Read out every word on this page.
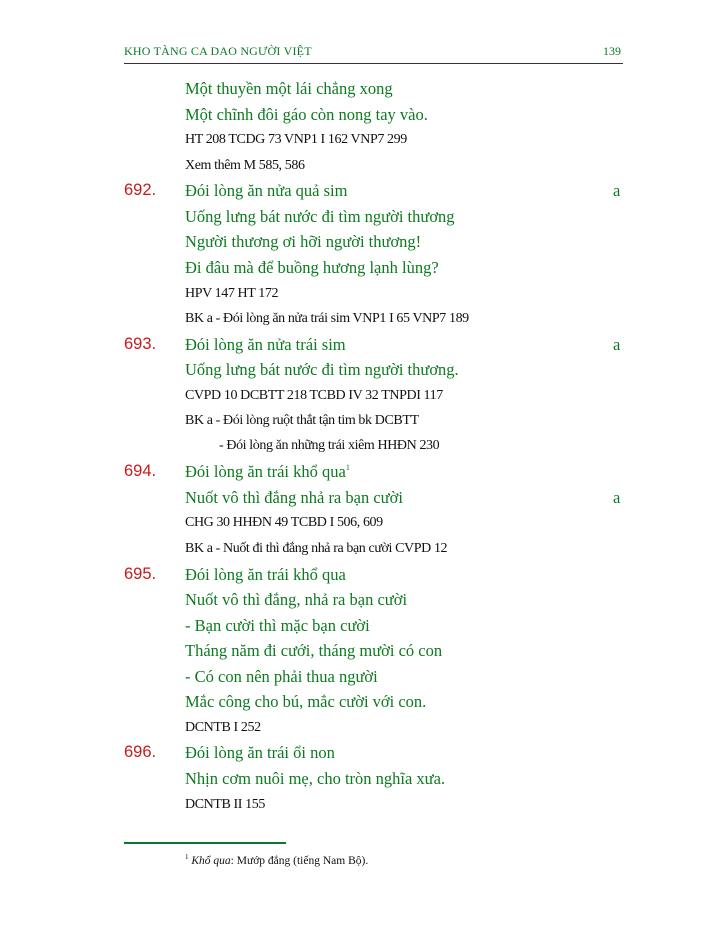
KHO TÀNG CA DAO NGƯỜI VIỆT	139
Một thuyền một lái chẳng xong
Một chĩnh đôi gáo còn nong tay vào.
HT 208 TCDG 73 VNP1 I 162 VNP7 299
Xem thêm M 585, 586
692. Đói lòng ăn nửa quả sim	a
Uống lưng bát nước đi tìm người thương
Người thương ơi hỡi người thương!
Đi đâu mà để buồng hương lạnh lùng?
HPV 147 HT 172
BK a - Đói lòng ăn nửa trái sim VNP1 I 65 VNP7 189
693. Đói lòng ăn nửa trái sim	a
Uống lưng bát nước đi tìm người thương.
CVPD 10 DCBTT 218 TCBD IV 32 TNPDI 117
BK a - Đói lòng ruột thắt tận tim bk DCBTT
- Đói lòng ăn những trái xiêm HHĐN 230
694. Đói lòng ăn trái khổ qua$^1$
Nuốt vô thì đắng nhả ra bạn cười	a
CHG 30 HHĐN 49 TCBD I 506, 609
BK a - Nuốt đi thì đắng nhả ra bạn cười CVPD 12
695. Đói lòng ăn trái khổ qua
Nuốt vô thì đắng, nhả ra bạn cười
- Bạn cười thì mặc bạn cười
Tháng năm đi cưới, tháng mười có con
- Có con nên phải thua người
Mắc công cho bú, mắc cười với con.
DCNTB I 252
696. Đói lòng ăn trái ổi non
Nhịn cơm nuôi mẹ, cho tròn nghĩa xưa.
DCNTB II 155
$^1$ Khổ qua: Mướp đắng (tiếng Nam Bộ).
